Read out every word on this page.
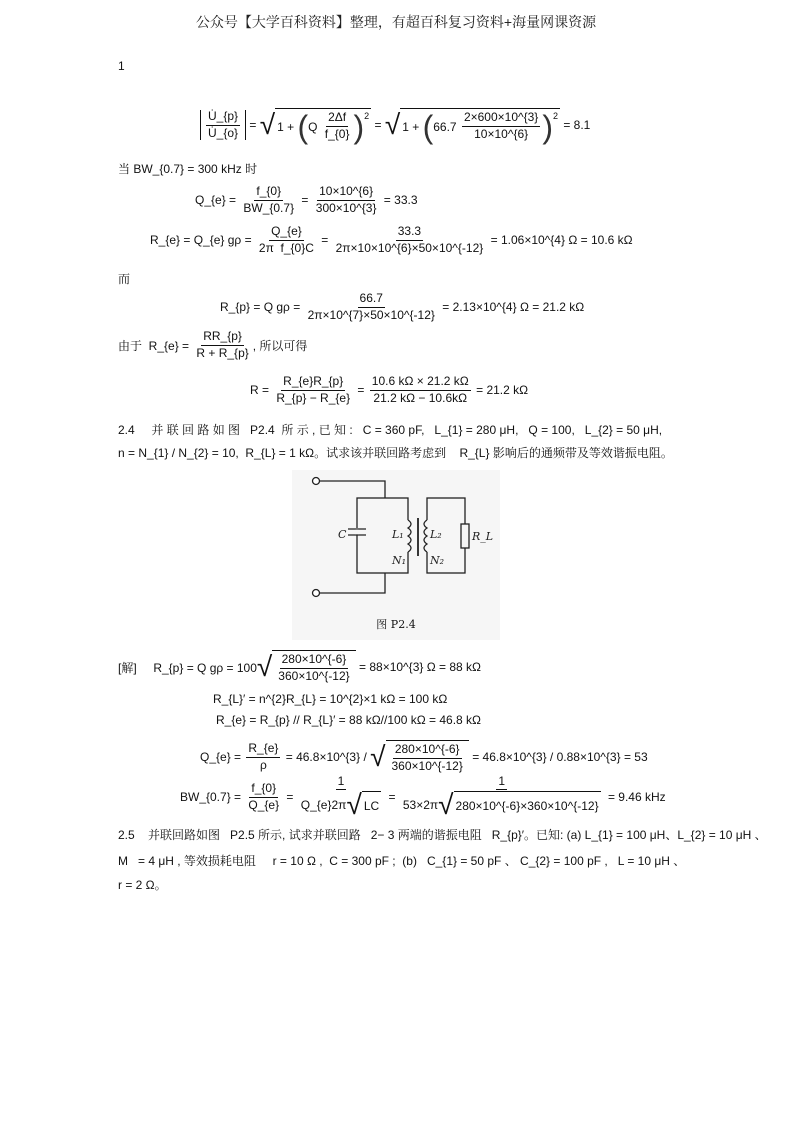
公众号【大学百科资料】整理，有超百科复习资料+海量网课资源
1
$\frac{U̇\_\{p\}}{U̇\_\{o\}}$ = √ 1 + ( Q $\frac{2\Delta f}{f\_\{0\}}$ ) 2
= √ 1 + ( $66.7 \frac{2\times 600\times 10\^{}\{3\}}{10\times 10\^{}\{6\}}$ ) 2
= 8.1
当 BW_{0.7} = 300 kHz 时
Q_{e} = $\frac{f\_\{0\}}{BW\_\{0.7\}} = \frac{10\times 10\^{}\{6\}}{300\times 10\^{}\{3\}} = 33.3$
R_{e} = Q_{e} $g\rho = \frac{Q\_\{e\}}{\text{2π  f\_\{0\}C}} = \frac{33.3}{2\pi\times 10\times 10\^{}\{6\}\times 50\times 10\^{}\{-12\}}$ = 1.06×10^{4} Ω = 10.6 kΩ
而
R_{p} = Q $g\rho = \frac{66.7}{2\pi\times 10\^{}\{7\}\times 50\times 10\^{}\{-12\}}$ = 2.13×10^{4} Ω = 21.2 kΩ
由于  R_{e} = $\frac{RR\_\{p\}}{R + R\_\{p\}}$ , 所以可得
$R = \frac{R\_\{e\}R\_\{p\}}{R\_\{p\} - R\_\{e\}} = \frac{10.6 k\Omega \times 21.2 k\Omega}{21.2 k\Omega - 10.6k\Omega} = 21.2$ kΩ
2.4     并 联 回 路 如 图   P2.4  所 示 , 已 知 :   C = 360 pF,   L_{1} = 280 μH,   Q = 100,   L_{2} = 50 μH,
n = N_{1} / N_{2} = 10,  R_{L} = 1 kΩ。试求该并联回路考虑到    R_{L} 影响后的通频带及等效谐振电阻。
C	L₁ L₂
N₁ N₂
R_L
图 P2.4
[解]     R_{p} = Q gρ = 100 √ $\frac{280\times 10\^{}\{-6\}}{360\times 10\^{}\{-12\}}$ = 88×10^{3} Ω = 88 kΩ
R_{L}′ = n^{2}R_{L} = 10^{2}×1 kΩ = 100 kΩ
R_{e} = R_{p} // R_{L}′ = 88 kΩ//100 kΩ = 46.8 kΩ
Q_{e} = $\frac{R\_\{e\}}{\rho}$ = 46.8×10^{3} / √ $\frac{280\times 10\^{}\{-6\}}{360\times 10\^{}\{-12\}}$ = 46.8×10^{3} / 0.88×10^{3} = 53
BW_{0.7} = $\frac{f\_\{0\}}{Q\_\{e\}} = \frac{1}{Q\_\{e\}2\pi √ LC} = \frac{1}{53\times 2\pi √ 280\times 10\^{}\{-6\}\times 360\times 10\^{}\{-12\}} = 9.46$ kHz
2.5    并联回路如图   P2.5 所示, 试求并联回路   2− 3 两端的谐振电阻   R_{p}′。已知: (a) L_{1} = 100 μH、L_{2} = 10 μH 、
M   = 4 μH , 等效损耗电阻     r = 10 Ω ,  C = 300 pF ;  (b)   C_{1} = 50 pF 、 C_{2} = 100 pF ,   L = 10 μH 、
r = 2 Ω。
